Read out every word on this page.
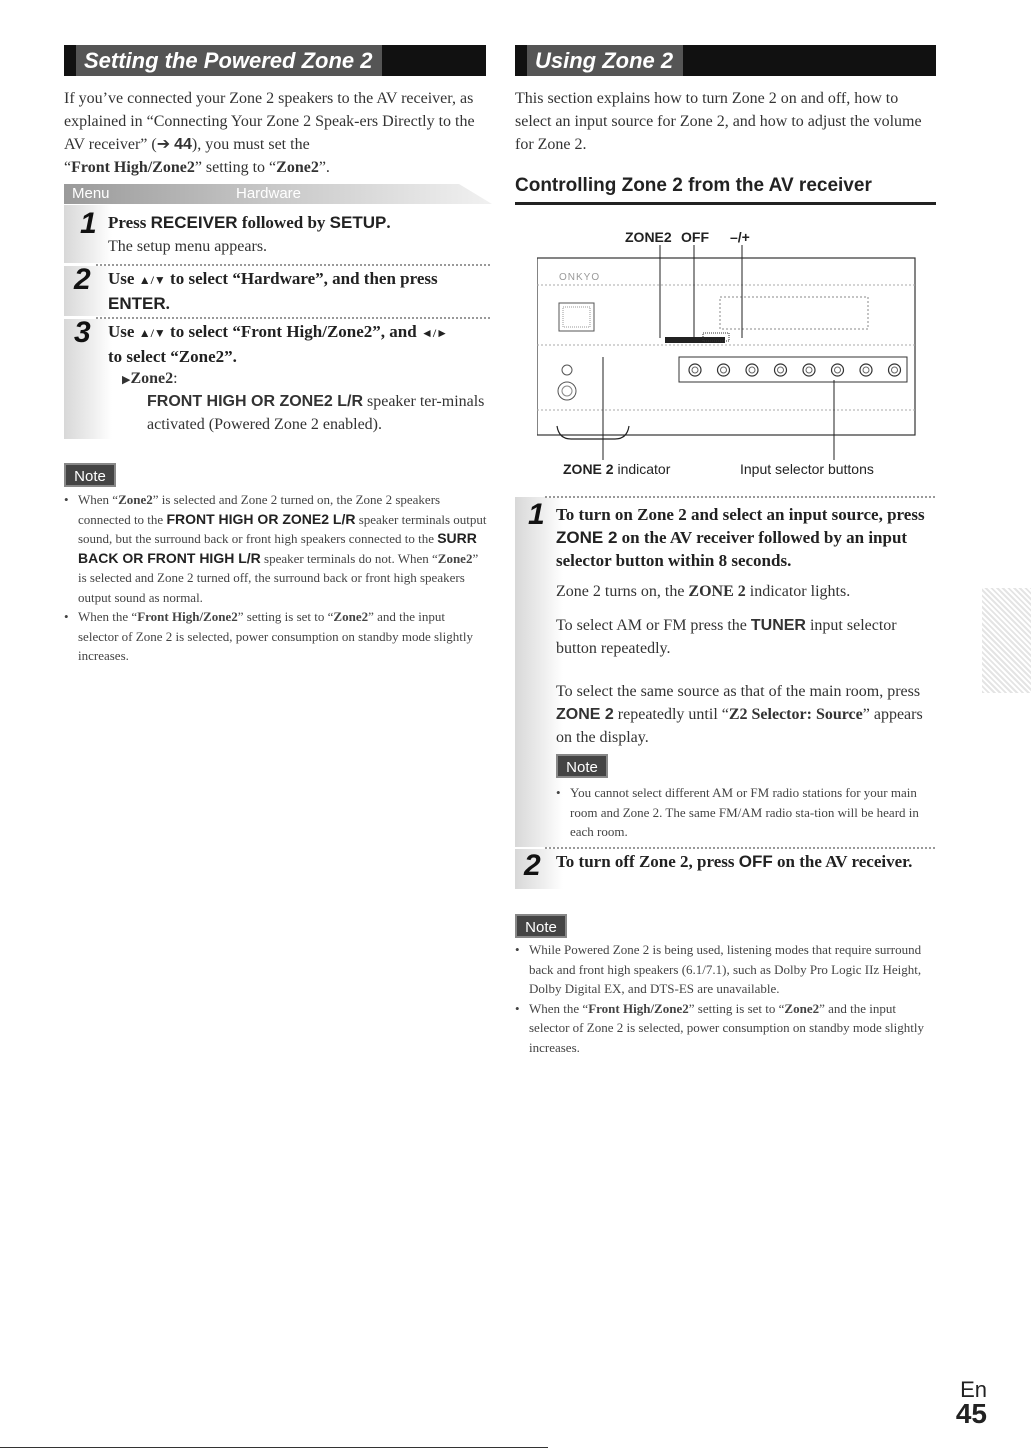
Setting the Powered Zone 2
If you’ve connected your Zone 2 speakers to the AV receiver, as explained in “Connecting Your Zone 2 Speak-ers Directly to the AV receiver” (➔ 44), you must set the
“Front High/Zone2” setting to “Zone2”.
Menu	Hardware
1 Press RECEIVER followed by SETUP.
The setup menu appears.
2 Use ▲/▼ to select “Hardware”, and then press
ENTER.
3 Use ▲/▼ to select “Front High/Zone2”, and ◄/►
to select “Zone2”.
▶Zone2:
FRONT HIGH OR ZONE2 L/R speaker ter-minals activated (Powered Zone 2 enabled).
Note
• When “Zone2” is selected and Zone 2 turned on, the Zone 2 speakers connected to the FRONT HIGH OR ZONE2 L/R speaker terminals output sound, but the surround back or front high speakers connected to the SURR BACK OR FRONT HIGH L/R speaker terminals do not. When “Zone2” is selected and Zone 2 turned off, the surround back or front high speakers output sound as normal.
• When the “Front High/Zone2” setting is set to “Zone2” and the input selector of Zone 2 is selected, power consumption on standby mode slightly increases.
Using Zone 2
This section explains how to turn Zone 2 on and off, how to select an input source for Zone 2, and how to adjust the volume for Zone 2.
Controlling Zone 2 from the AV receiver
ZONE2 OFF –/+
ONKYO
ZONE 2 indicator	Input selector buttons
1 To turn on Zone 2 and select an input source, press ZONE 2 on the AV receiver followed by an input selector button within 8 seconds.
Zone 2 turns on, the ZONE 2 indicator lights.
To select AM or FM press the TUNER input selector button repeatedly.
To select the same source as that of the main room, press ZONE 2 repeatedly until “Z2 Selector: Source” appears on the display.
Note
• You cannot select different AM or FM radio stations for your main room and Zone 2. The same FM/AM radio sta-tion will be heard in each room.
2 To turn off Zone 2, press OFF on the AV receiver.
Note
• While Powered Zone 2 is being used, listening modes that require surround back and front high speakers (6.1/7.1), such as Dolby Pro Logic IIz Height, Dolby Digital EX, and DTS-ES are unavailable.
• When the “Front High/Zone2” setting is set to “Zone2” and the input selector of Zone 2 is selected, power consumption on standby mode slightly increases.
En
45
